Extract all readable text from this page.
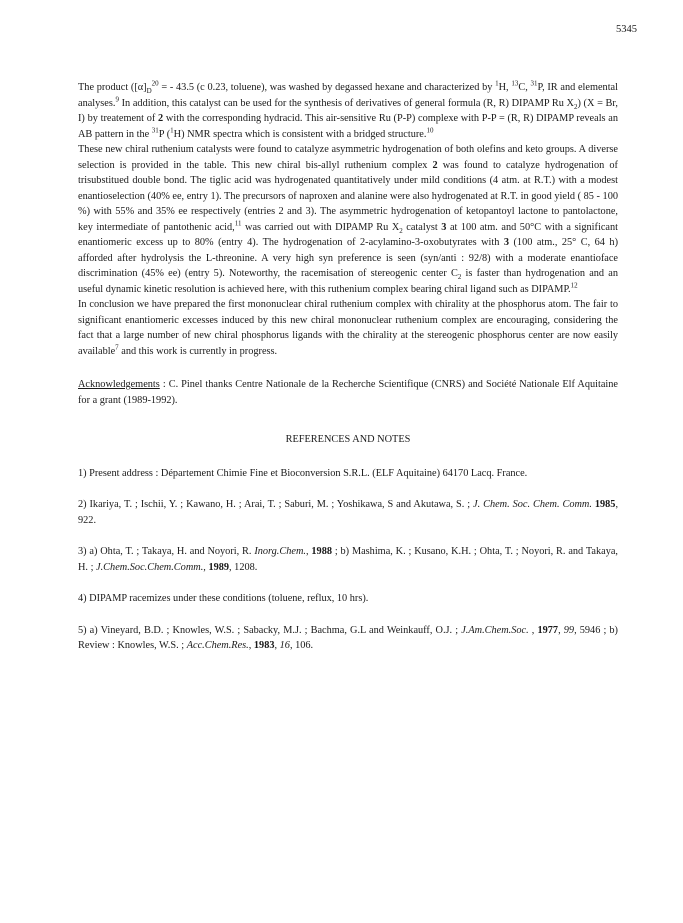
5345

The product ($[\alpha]_D^{20}$ = - 43.5 (c 0.23, toluene), was washed by degassed hexane and characterized by $^1$H, $^{13}$C, $^{31}$P, IR and elemental analyses.$^9$ In addition, this catalyst can be used for the synthesis of derivatives of general formula (R, R) DIPAMP Ru $X_2$) (X = Br, I) by treatement of 2 with the corresponding hydracid. This air-sensitive Ru (P-P) complexe with P-P = (R, R) DIPAMP reveals an AB pattern in the $^{31}$P ($^1$H) NMR spectra which is consistent with a bridged structure.$^{10}$

These new chiral ruthenium catalysts were found to catalyze asymmetric hydrogenation of both olefins and keto groups. A diverse selection is provided in the table. This new chiral bis-allyl ruthenium complex 2 was found to catalyze hydrogenation of trisubstitued double bond. The tiglic acid was hydrogenated quantitatively under mild conditions (4 atm. at R.T.) with a modest enantioselection (40% ee, entry 1). The precursors of naproxen and alanine were also hydrogenated at R.T. in good yield ( 85 - 100 %) with 55% and 35% ee respectively (entries 2 and 3). The asymmetric hydrogenation of ketopantoyl lactone to pantolactone, key intermediate of pantothenic acid,$^{11}$ was carried out with DIPAMP Ru $X_2$ catalyst 3 at 100 atm. and 50°C with a significant enantiomeric excess up to 80% (entry 4). The hydrogenation of 2-acylamino-3-oxobutyrates with 3 (100 atm., 25° C, 64 h) afforded after hydrolysis the L-threonine. A very high syn preference is seen (syn/anti : 92/8) with a moderate enantioface discrimination (45% ee) (entry 5). Noteworthy, the racemisation of stereogenic center $C_2$ is faster than hydrogenation and an useful dynamic kinetic resolution is achieved here, with this ruthenium complex bearing chiral ligand such as DIPAMP.$^{12}$

In conclusion we have prepared the first mononuclear chiral ruthenium complex with chirality at the phosphorus atom. The fair to significant enantiomeric excesses induced by this new chiral mononuclear ruthenium complex are encouraging, considering the fact that a large number of new chiral phosphorus ligands with the chirality at the stereogenic phosphorus center are now easily available$^7$ and this work is currently in progress.

Acknowledgements : C. Pinel thanks Centre Nationale de la Recherche Scientifique (CNRS) and Société Nationale Elf Aquitaine for a grant (1989-1992).

REFERENCES AND NOTES

1) Present address : Département Chimie Fine et Bioconversion S.R.L. (ELF Aquitaine) 64170 Lacq. France.

2) Ikariya, T. ; Ischii, Y. ; Kawano, H. ; Arai, T. ; Saburi, M. ; Yoshikawa, S and Akutawa, S. ; J. Chem. Soc. Chem. Comm. 1985, 922.

3) a) Ohta, T. ; Takaya, H. and Noyori, R. Inorg.Chem., 1988 ; b) Mashima, K. ; Kusano, K.H. ; Ohta, T. ; Noyori, R. and Takaya, H. ; J.Chem.Soc.Chem.Comm., 1989, 1208.

4) DIPAMP racemizes under these conditions (toluene, reflux, 10 hrs).

5) a) Vineyard, B.D. ; Knowles, W.S. ; Sabacky, M.J. ; Bachma, G.L and Weinkauff, O.J. ; J.Am.Chem.Soc. , 1977, 99, 5946 ; b) Review : Knowles, W.S. ; Acc.Chem.Res., 1983, 16, 106.
